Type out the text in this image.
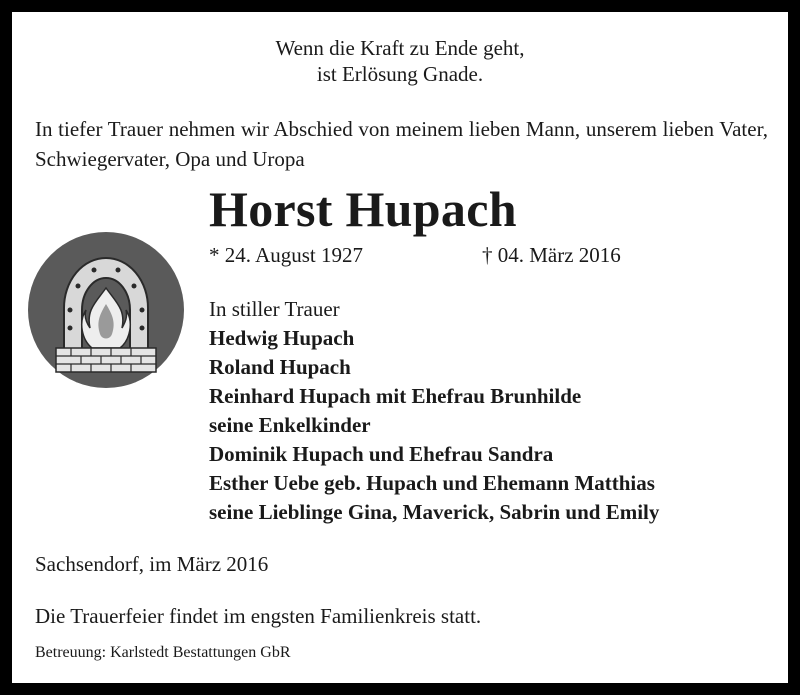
Wenn die Kraft zu Ende geht,
ist Erlösung Gnade.
In tiefer Trauer nehmen wir Abschied von meinem lieben Mann, unserem lieben Vater, Schwiegervater, Opa und Uropa
Horst Hupach
* 24. August 1927	† 04. März 2016
In stiller Trauer
Hedwig Hupach
Roland Hupach
Reinhard Hupach mit Ehefrau Brunhilde
seine Enkelkinder
Dominik Hupach und Ehefrau Sandra
Esther Uebe geb. Hupach und Ehemann Matthias
seine Lieblinge Gina, Maverick, Sabrin und Emily
Sachsendorf, im März 2016
Die Trauerfeier findet im engsten Familienkreis statt.
Betreuung: Karlstedt Bestattungen GbR
